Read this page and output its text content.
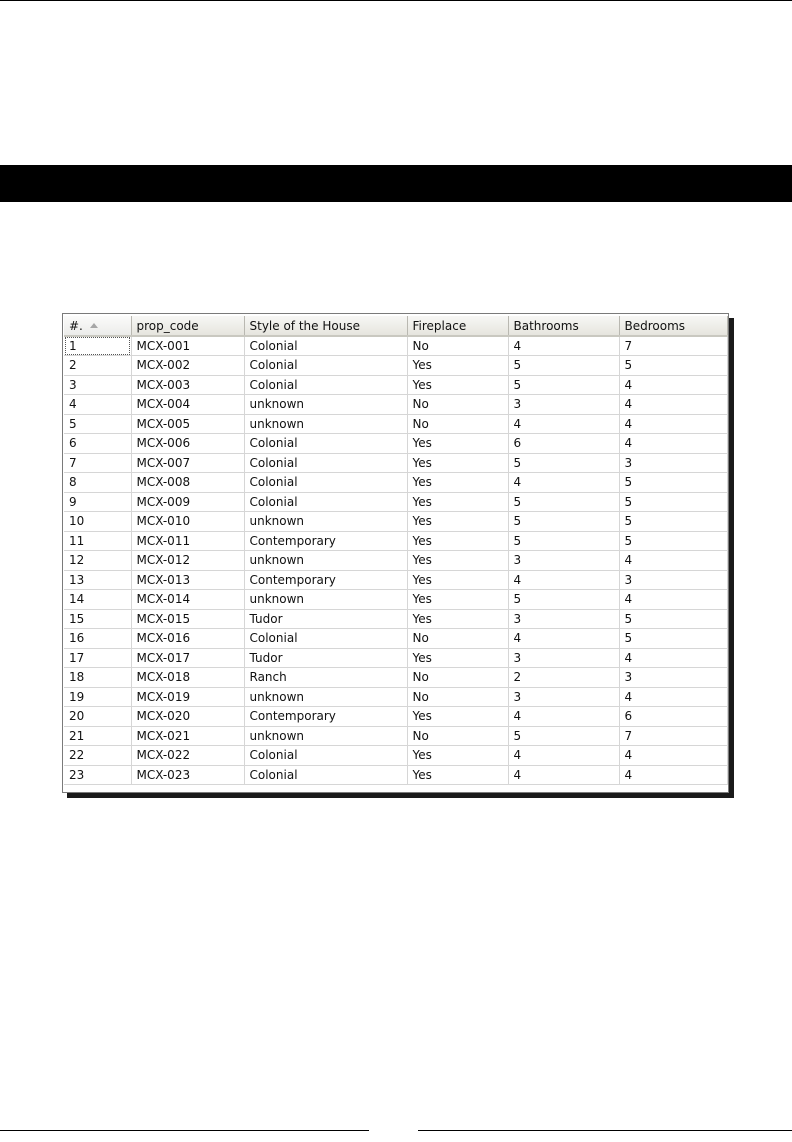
#.	prop_code	Style of the House	Fireplace	Bathrooms	Bedrooms
1	MCX-001	Colonial	No	4	7
2	MCX-002	Colonial	Yes	5	5
3	MCX-003	Colonial	Yes	5	4
4	MCX-004	unknown	No	3	4
5	MCX-005	unknown	No	4	4
6	MCX-006	Colonial	Yes	6	4
7	MCX-007	Colonial	Yes	5	3
8	MCX-008	Colonial	Yes	4	5
9	MCX-009	Colonial	Yes	5	5
10	MCX-010	unknown	Yes	5	5
11	MCX-011	Contemporary	Yes	5	5
12	MCX-012	unknown	Yes	3	4
13	MCX-013	Contemporary	Yes	4	3
14	MCX-014	unknown	Yes	5	4
15	MCX-015	Tudor	Yes	3	5
16	MCX-016	Colonial	No	4	5
17	MCX-017	Tudor	Yes	3	4
18	MCX-018	Ranch	No	2	3
19	MCX-019	unknown	No	3	4
20	MCX-020	Contemporary	Yes	4	6
21	MCX-021	unknown	No	5	7
22	MCX-022	Colonial	Yes	4	4
23	MCX-023	Colonial	Yes	4	4
